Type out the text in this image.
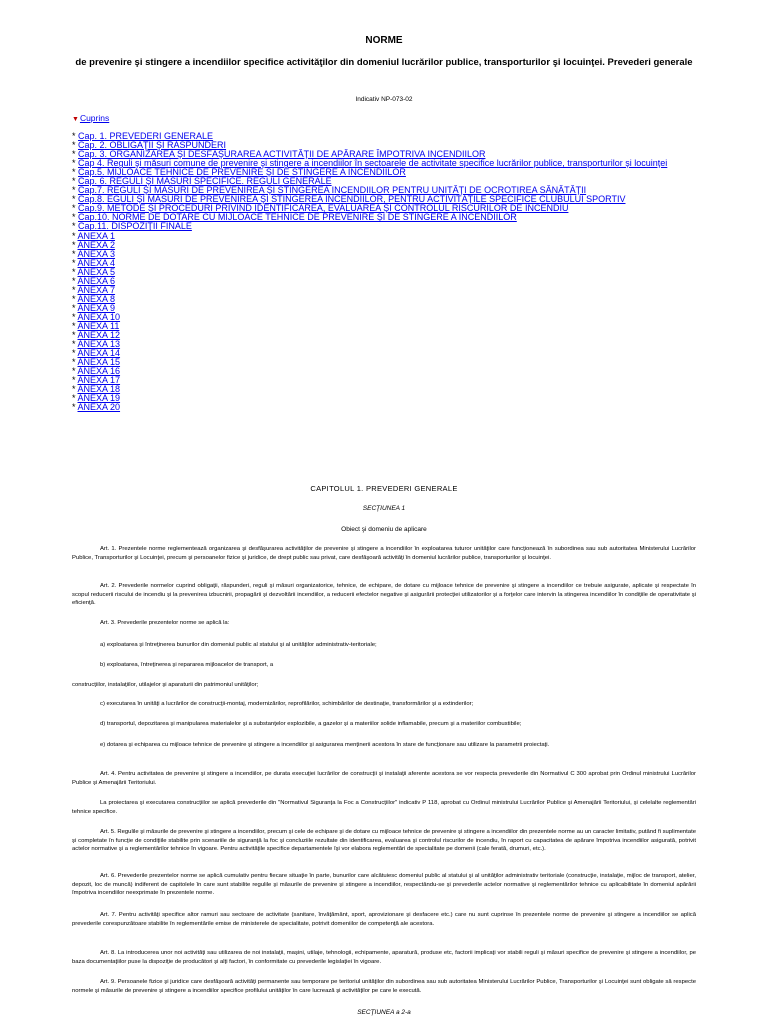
NORME
de prevenire şi stingere a incendiilor specifice activităţilor din domeniul lucrărilor publice, transporturilor şi locuinţei. Prevederi generale
Indicativ NP-073-02
▼Cuprins
* Cap. 1. PREVEDERI GENERALE
* Cap. 2. OBLIGAŢII ŞI RĂSPUNDERI
* Cap. 3. ORGANIZAREA ŞI DESFĂŞURAREA ACTIVITĂŢII DE APĂRARE ÎMPOTRIVA INCENDIILOR
* Cap 4. Reguli şi măsuri comune de prevenire şi stingere a incendiilor în sectoarele de activitate specifice lucrărilor publice, transporturilor şi locuinţei
* Cap.5. MIJLOACE TEHNICE DE PREVENIRE ŞI DE STINGERE A INCENDIILOR
* Cap. 6. REGULI ŞI MĂSURI SPECIFICE. REGULI GENERALE
* Cap.7. REGULI ŞI MĂSURI DE PREVENIREA ŞI STINGEREA INCENDIILOR PENTRU UNITĂŢI DE OCROTIREA SĂNĂTĂŢII
* Cap.8. EGULI ŞI MĂSURI DE PREVENIREA ŞI STINGEREA INCENDIILOR, PENTRU ACTIVITĂŢILE SPECIFICE CLUBULUI SPORTIV
* Cap.9. METODE ŞI PROCEDURI PRIVIND IDENTIFICAREA, EVALUAREA ŞI CONTROLUL RISCURILOR DE INCENDIU
* Cap.10. NORME DE DOTARE CU MIJLOACE TEHNICE DE PREVENIRE ŞI DE STINGERE A INCENDIILOR
* Cap.11. DISPOZIŢII FINALE
* ANEXA 1
* ANEXA 2
* ANEXA 3
* ANEXA 4
* ANEXA 5
* ANEXA 6
* ANEXA 7
* ANEXA 8
* ANEXA 9
* ANEXA 10
* ANEXA 11
* ANEXA 12
* ANEXA 13
* ANEXA 14
* ANEXA 15
* ANEXA 16
* ANEXA 17
* ANEXA 18
* ANEXA 19
* ANEXA 20
CAPITOLUL 1. PREVEDERI GENERALE
SECŢIUNEA 1
Obiect şi domeniu de aplicare
Art. 1. Prezentele norme reglementează organizarea şi desfăşurarea activităţilor de prevenire şi stingere a incendiilor în exploatarea tuturor unităţilor care funcţionează în subordinea sau sub autoritatea Ministerului Lucrărilor Publice, Transporturilor şi Locuinţei, precum şi persoanelor fizice şi juridice, de drept public sau privat, care desfăşoară activităţi în domeniul lucrărilor publice, transporturilor şi locuinţei.
Art. 2. Prevederile normelor cuprind obligaţii, răspunderi, reguli şi măsuri organizatorice, tehnice, de echipare, de dotare cu mijloace tehnice de prevenire şi stingere a incendiilor ce trebuie asigurate, aplicate şi respectate în scopul reducerii riscului de incendiu şi la prevenirea izbucnirii, propagării şi dezvoltării incendiilor, a reducerii efectelor negative şi asigurării protecţiei utilizatorilor şi a forţelor care intervin la stingerea incendiilor în condiţiile de operativitate şi eficienţă.
Art. 3. Prevederile prezentelor norme se aplică la:
a) exploatarea şi întreţinerea bunurilor din domeniul public al statului şi al unităţilor administrativ-teritoriale;
b) exploatarea, întreţinerea şi repararea mijloacelor de transport, a
construcţiilor, instalaţiilor, utilajelor şi aparaturii din patrimoniul unităţilor;
c) executarea în unităţi a lucrărilor de construcţii-montaj, modernizărilor, reprofilărilor, schimbărilor de destinaţie, transformărilor şi a extinderilor;
d) transportul, depozitarea şi manipularea materialelor şi a substanţelor explozibile, a gazelor şi a materiilor solide inflamabile, precum şi a materiilor combustibile;
e) dotarea şi echiparea cu mijloace tehnice de prevenire şi stingere a incendiilor şi asigurarea menţinerii acestora în stare de funcţionare sau utilizare la parametrii proiectaţi.
Art. 4. Pentru activitatea de prevenire şi stingere a incendiilor, pe durata execuţiei lucrărilor de construcţii şi instalaţii aferente acestora se vor respecta prevederile din Normativul C 300 aprobat prin Ordinul ministrului Lucrărilor Publice şi Amenajării Teritoriului.
La proiectarea şi executarea construcţiilor se aplică prevederile din "Normativul Siguranţa la Foc a Construcţiilor" indicativ P 118, aprobat cu Ordinul ministrului Lucrărilor Publice şi Amenajării Teritoriului, şi celelalte reglementări tehnice specifice.
Art. 5. Regulile şi măsurile de prevenire şi stingere a incendiilor, precum şi cele de echipare şi de dotare cu mijloace tehnice de prevenire şi stingere a incendiilor din prezentele norme au un caracter limitativ, putând fi suplimentate şi completate în funcţie de condiţiile stabilite prin scenariile de siguranţă la foc şi concluziile rezultate din identificarea, evaluarea şi controlul riscurilor de incendiu, în raport cu capacitatea de apărare împotriva incendiilor asigurată, potrivit actelor normative şi a reglementărilor tehnice în vigoare. Pentru activităţile specifice departamentele îşi vor elabora reglementări de specialitate pe domenii (cale ferată, drumuri, etc.).
Art. 6. Prevederile prezentelor norme se aplică cumulativ pentru fiecare situaţie în parte, bunurilor care alcătuiesc domeniul public al statului şi al unităţilor administrativ teritoriale (construcţie, instalaţie, mijloc de transport, atelier, depozit, loc de muncă) indiferent de capitolele în care sunt stabilite regulile şi măsurile de prevenire şi stingere a incendiilor, respectându-se şi prevederile actelor normative şi reglementărilor tehnice cu aplicabilitate în domeniul apărării împotriva incendiilor neexprimate în prezentele norme.
Art. 7. Pentru activităţi specifice altor ramuri sau sectoare de activitate (sanitare, învăţământ, sport, aprovizionare şi desfacere etc.) care nu sunt cuprinse în prezentele norme de prevenire şi stingere a incendiilor se aplică prevederile corespunzătoare stabilite în reglementările emise de ministerele de specialitate, potrivit domeniilor de competenţă ale acestora.
Art. 8. La introducerea unor noi activităţi sau utilizarea de noi instalaţii, maşini, utilaje, tehnologii, echipamente, aparatură, produse etc, factorii implicaţi vor stabili reguli şi măsuri specifice de prevenire şi stingere a incendiilor, pe baza documentaţiilor puse la dispoziţie de producători şi alţi factori, în conformitate cu prevederile legislaţiei în vigoare.
Art. 9. Persoanele fizice şi juridice care desfăşoară activităţi permanente sau temporare pe teritoriul unităţilor din subordinea sau sub autoritatea Ministerului Lucrărilor Publice, Transporturilor şi Locuinţei sunt obligate să respecte normele şi măsurile de prevenire şi stingere a incendiilor specifice profilului unităţilor în care lucrează şi activităţilor pe care le execută.
SECŢIUNEA a 2-a
